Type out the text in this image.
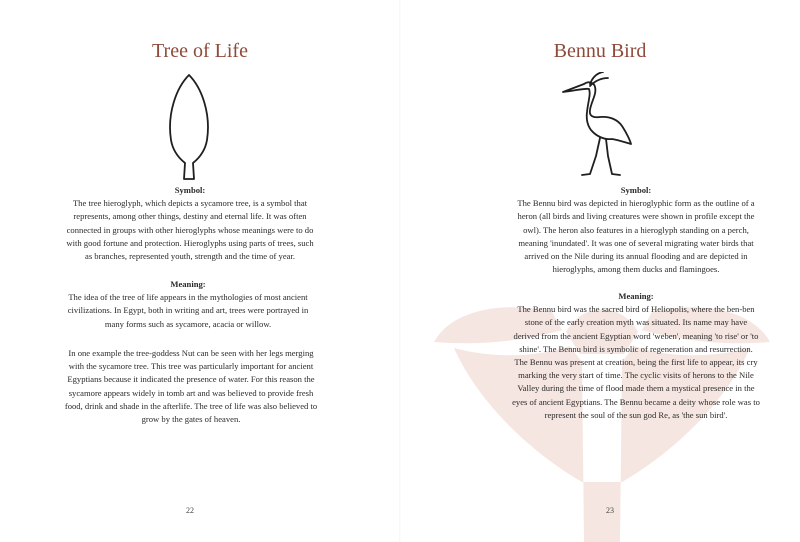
Tree of Life

Symbol:
The tree hieroglyph, which depicts a sycamore tree, is a symbol that represents, among other things, destiny and eternal life. It was often connected in groups with other hieroglyphs whose meanings were to do with good fortune and protection. Hieroglyphs using parts of trees, such as branches, represented youth, strength and the time of year.

Meaning:
The idea of the tree of life appears in the mythologies of most ancient civilizations. In Egypt, both in writing and art, trees were portrayed in many forms such as sycamore, acacia or willow.

In one example the tree-goddess Nut can be seen with her legs merging with the sycamore tree. This tree was particularly important for ancient Egyptians because it indicated the presence of water. For this reason the sycamore appears widely in tomb art and was believed to provide fresh food, drink and shade in the afterlife. The tree of life was also believed to grow by the gates of heaven.

22
Bennu Bird

Symbol:
The Bennu bird was depicted in hieroglyphic form as the outline of a heron (all birds and living creatures were shown in profile except the owl). The heron also features in a hieroglyph standing on a perch, meaning 'inundated'. It was one of several migrating water birds that arrived on the Nile during its annual flooding and are depicted in hieroglyphs, among them ducks and flamingoes.

Meaning:
The Bennu bird was the sacred bird of Heliopolis, where the ben-ben stone of the early creation myth was situated. Its name may have derived from the ancient Egyptian word 'weben', meaning 'to rise' or 'to shine'. The Bennu bird is symbolic of regeneration and resurrection. The Bennu was present at creation, being the first life to appear, its cry marking the very start of time. The cyclic visits of herons to the Nile Valley during the time of flood made them a mystical presence in the eyes of ancient Egyptians. The Bennu became a deity whose role was to represent the soul of the sun god Re, as 'the sun bird'.

23
